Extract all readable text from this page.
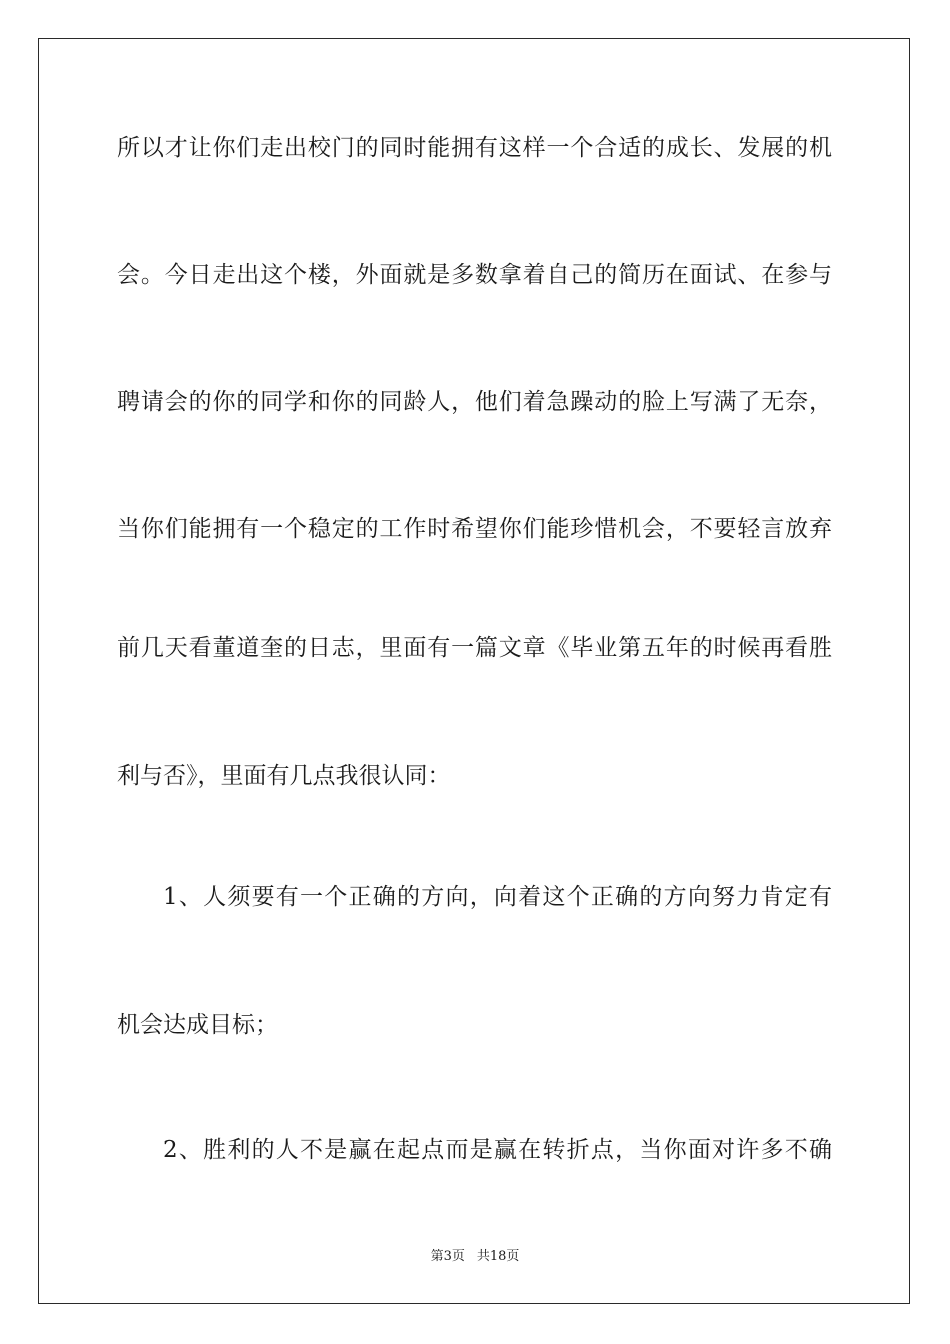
所以才让你们走出校门的同时能拥有这样一个合适的成长、发展的机
会。今日走出这个楼，外面就是多数拿着自己的简历在面试、在参与
聘请会的你的同学和你的同龄人，他们着急躁动的脸上写满了无奈，
当你们能拥有一个稳定的工作时希望你们能珍惜机会，不要轻言放弃
前几天看董道奎的日志，里面有一篇文章《毕业第五年的时候再看胜
利与否》，里面有几点我很认同：
1、人须要有一个正确的方向，向着这个正确的方向努力肯定有
机会达成目标；
2、胜利的人不是赢在起点而是赢在转折点，当你面对许多不确
第3页 共18页
